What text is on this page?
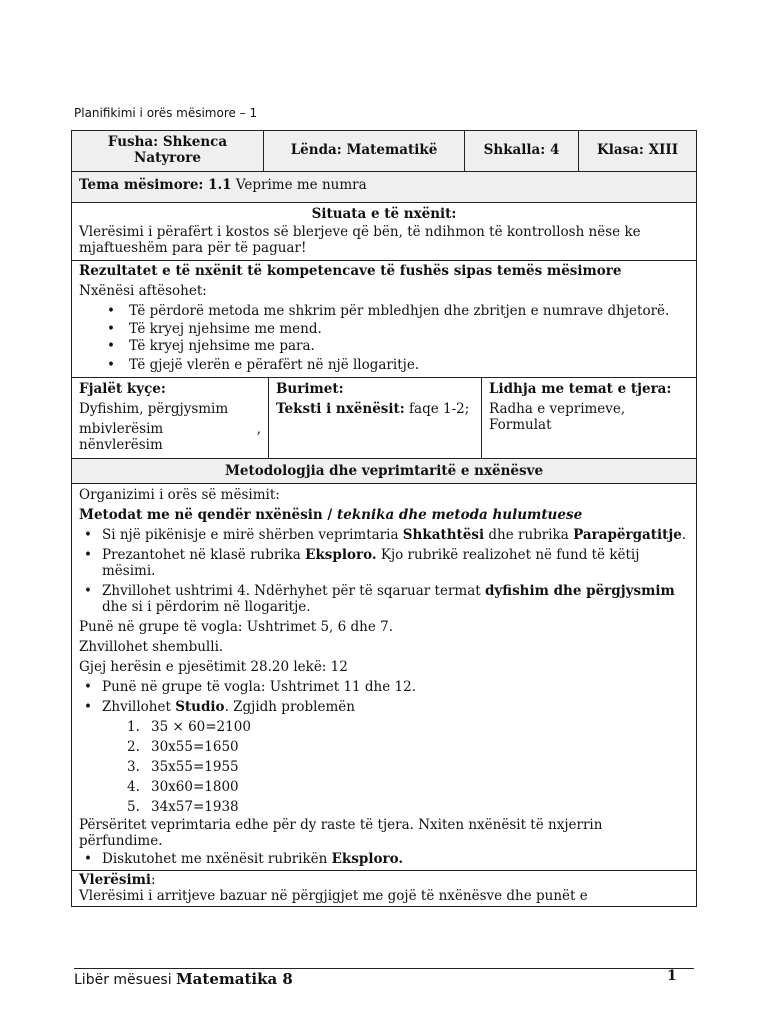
Planifikimi i orës mësimore – 1
Fusha: Shkenca Natyrore	Lënda: Matematikë	Shkalla: 4	Klasa: XIII
Tema mësimore: 1.1 Veprime me numra

Situata e të nxënit:

Vlerësimi i përafërt i kostos së blerjeve që bën, të ndihmon të kontrollosh nëse ke mjaftueshëm para për të paguar!

Rezultatet e të nxënit të kompetencave të fushës sipas temës mësimore

Nxënësi aftësohet:

• Të përdorë metoda me shkrim për mbledhjen dhe zbritjen e numrave dhjetorë.
• Të kryej njehsime me mend.
• Të kryej njehsime me para.
• Të gjejë vlerën e përafërt në një llogaritje.

Fjalët kyçe:

Dyfishim, përgjysmim

mbivlerësim	,

nënvlerësim

Burimet:

Teksti i nxënësit: faqe 1-2;

Lidhja me temat e tjera:

Radha e veprimeve, Formulat

Metodologjia dhe veprimtaritë e nxënësve

Organizimi i orës së mësimit:

Metodat me në qendër nxënësin / teknika dhe metoda hulumtuese

• Si një pikënisje e mirë shërben veprimtaria Shkathtësi dhe rubrika Parapërgatitje.
• Prezantohet në klasë rubrika Eksploro. Kjo rubrikë realizohet në fund të këtij mësimi.
• Zhvillohet ushtrimi 4. Ndërhyhet për të sqaruar termat dyfishim dhe përgjysmim dhe si i përdorim në llogaritje.

Punë në grupe të vogla: Ushtrimet 5, 6 dhe 7.

Zhvillohet shembulli.

Gjej herësin e pjesëtimit 28.20 lekë: 12

• Punë në grupe të vogla: Ushtrimet 11 dhe 12.
• Zhvillohet Studio. Zgjidh problemën
1. 35 × 60=2100
2. 30x55=1650
3. 35x55=1955
4. 30x60=1800
5. 34x57=1938

Përsëritet veprimtaria edhe për dy raste të tjera. Nxiten nxënësit të nxjerrin përfundime.

• Diskutohet me nxënësit rubrikën Eksploro.

Vlerësimi:

Vlerësimi i arritjeve bazuar në përgjigjet me gojë të nxënësve dhe punët e

Libër mësuesi Matematika 8	1
